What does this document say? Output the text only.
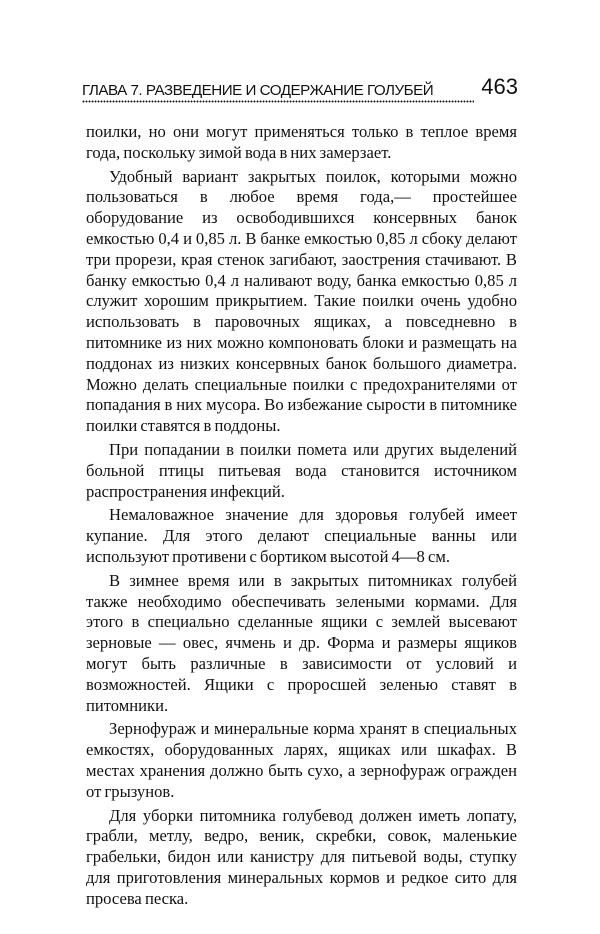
ГЛАВА 7. РАЗВЕДЕНИЕ И СОДЕРЖАНИЕ ГОЛУБЕЙ 463

поилки, но они могут применяться только в теплое время года, поскольку зимой вода в них замерзает.

Удобный вариант закрытых поилок, которыми можно пользоваться в любое время года,— простейшее оборудование из освободившихся консервных банок емкостью 0,4 и 0,85 л. В банке емкостью 0,85 л сбоку делают три прорези, края стенок загибают, заострения стачивают. В банку емкостью 0,4 л наливают воду, банка емкостью 0,85 л служит хорошим прикрытием. Такие поилки очень удобно использовать в паровочных ящиках, а повседневно в питомнике из них можно компоновать блоки и размещать на поддонах из низких консервных банок большого диаметра. Можно делать специальные поилки с предохранителями от попадания в них мусора. Во избежание сырости в питомнике поилки ставятся в поддоны.

При попадании в поилки помета или других выделений больной птицы питьевая вода становится источником распространения инфекций.

Немаловажное значение для здоровья голубей имеет купание. Для этого делают специальные ванны или используют противени с бортиком высотой 4—8 см.

В зимнее время или в закрытых питомниках голубей также необходимо обеспечивать зелеными кормами. Для этого в специально сделанные ящики с землей высевают зерновые — овес, ячмень и др. Форма и размеры ящиков могут быть различные в зависимости от условий и возможностей. Ящики с проросшей зеленью ставят в питомники.

Зернофураж и минеральные корма хранят в специальных емкостях, оборудованных ларях, ящиках или шкафах. В местах хранения должно быть сухо, а зернофураж огражден от грызунов.

Для уборки питомника голубевод должен иметь лопату, грабли, метлу, ведро, веник, скребки, совок, маленькие грабельки, бидон или канистру для питьевой воды, ступку для приготовления минеральных кормов и редкое сито для просева песка.
